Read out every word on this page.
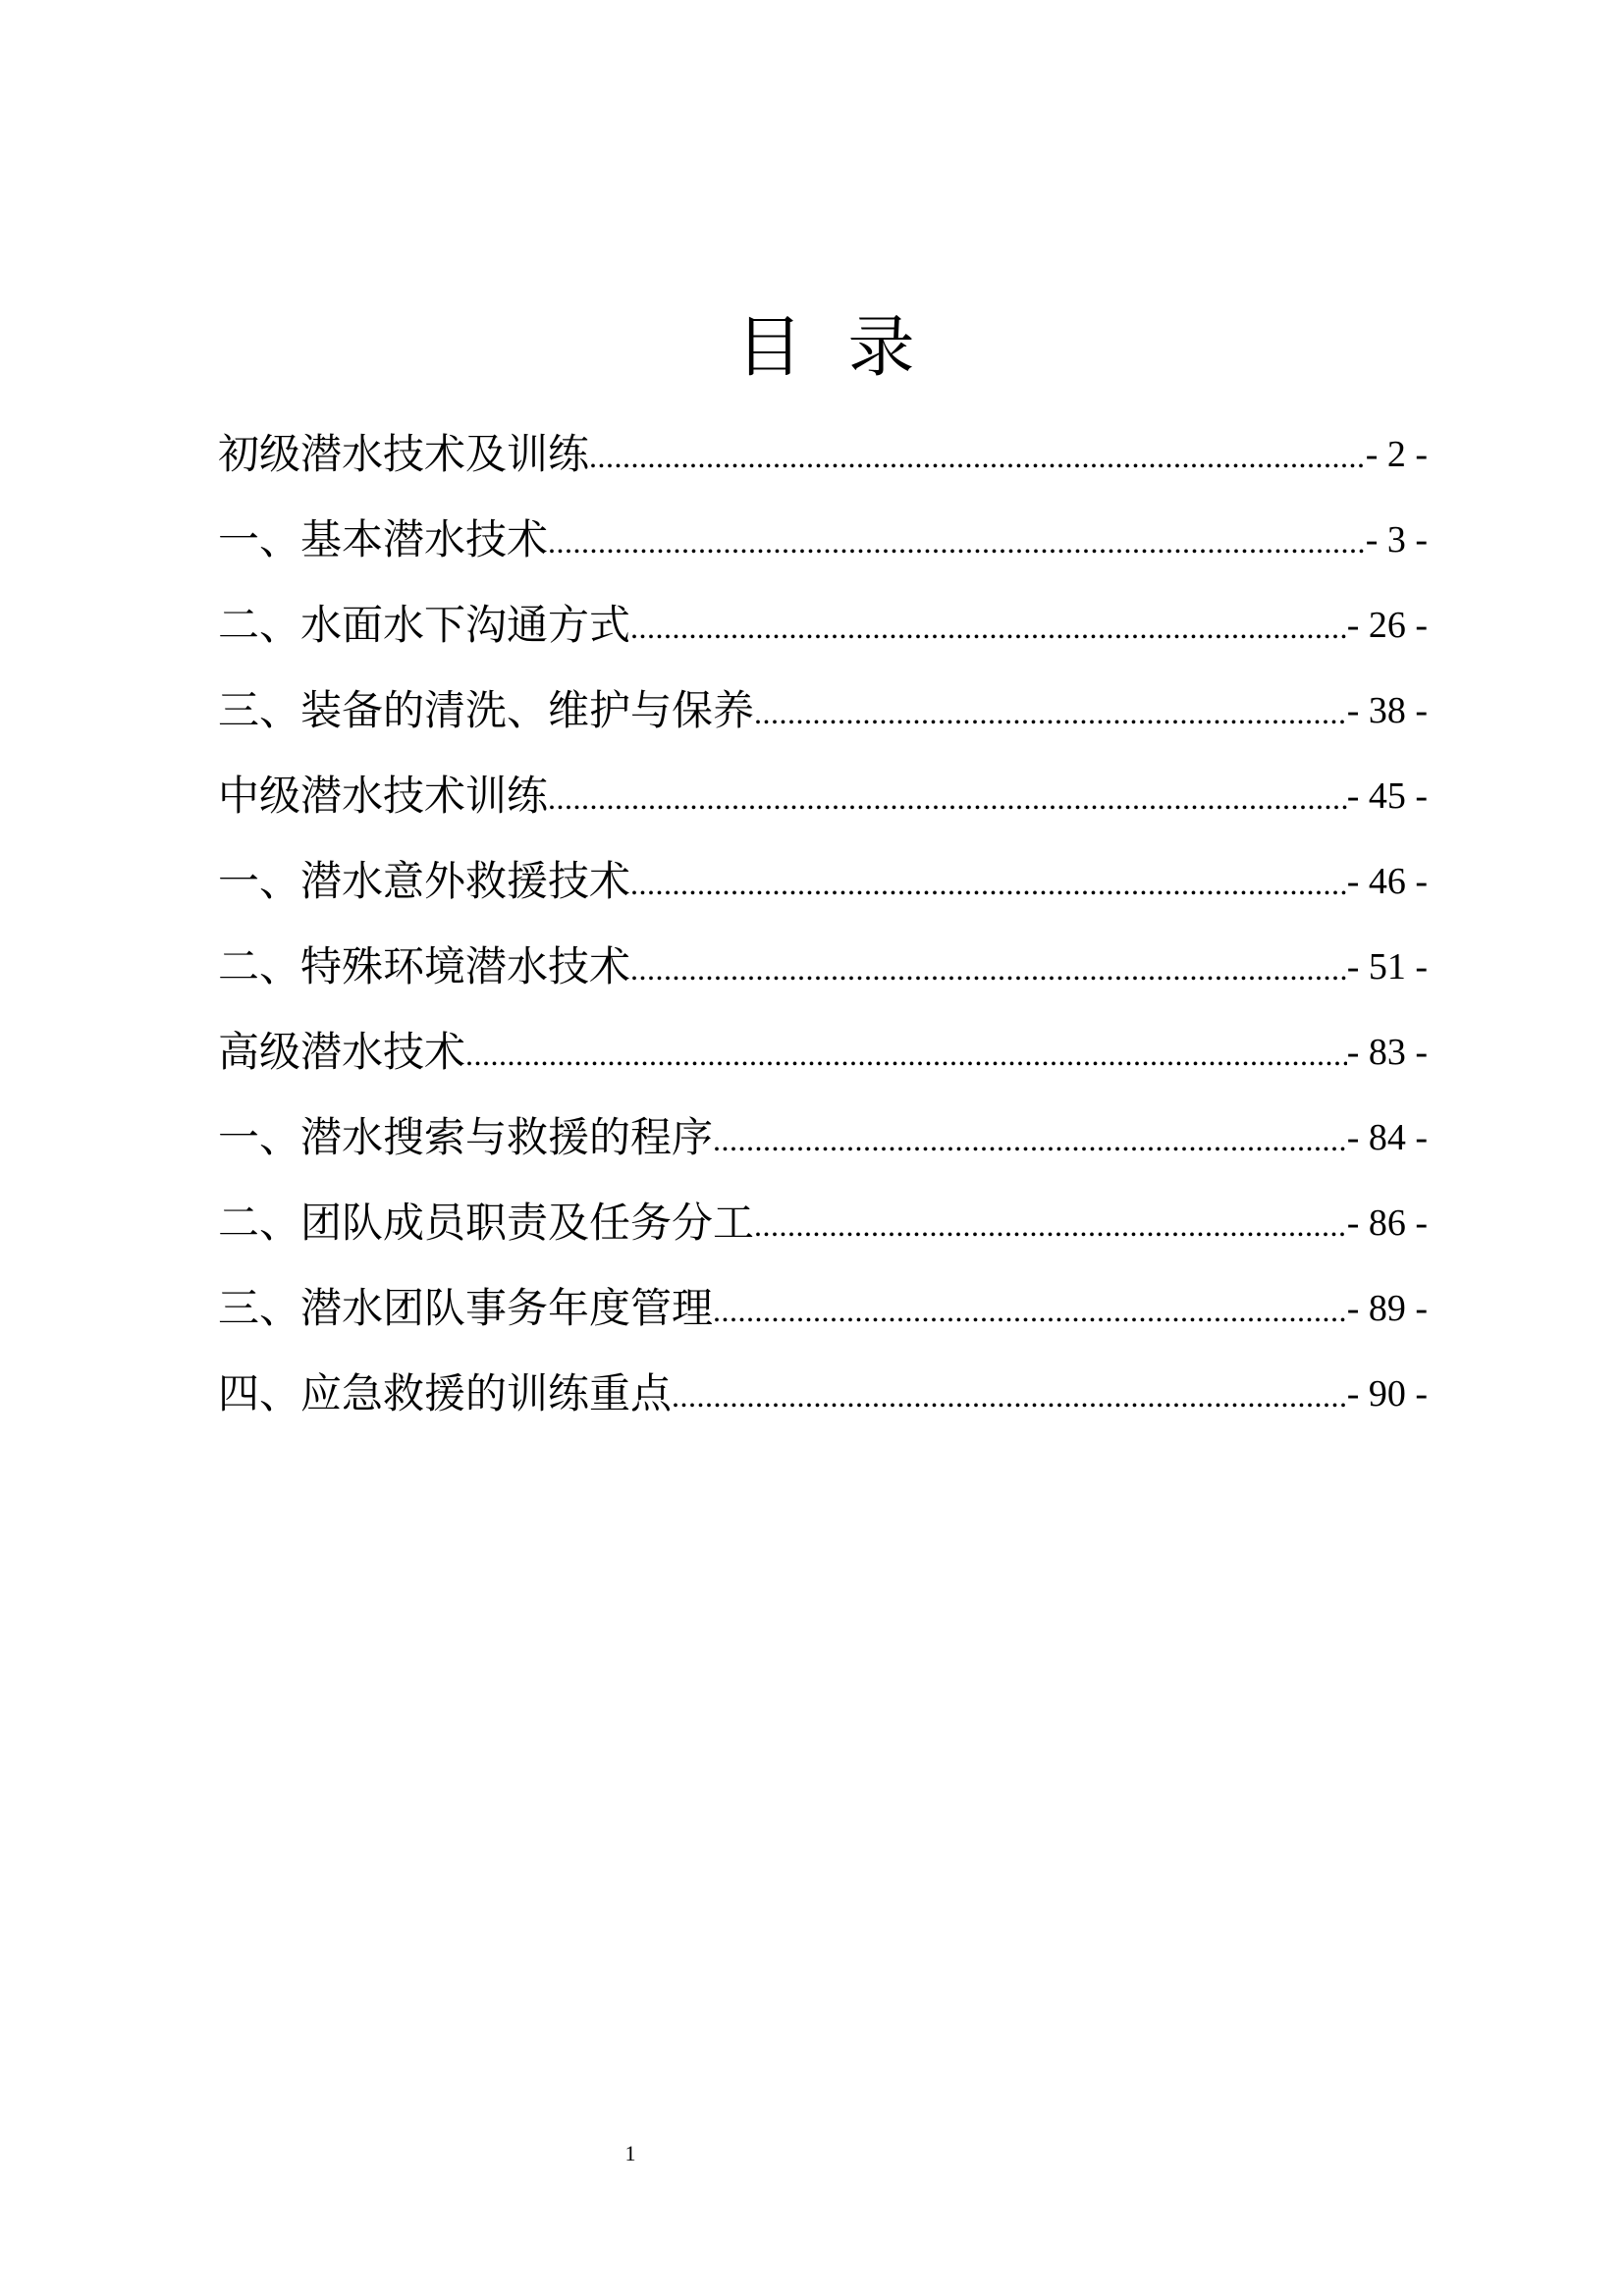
目 录
初级潜水技术及训练 .....	- 2 -
一、基本潜水技术 .....	- 3 -
二、水面水下沟通方式 .....	- 26 -
三、装备的清洗、维护与保养 .....	- 38 -
中级潜水技术训练 .....	- 45 -
一、潜水意外救援技术 .....	- 46 -
二、特殊环境潜水技术 .....	- 51 -
高级潜水技术 .....	- 83 -
一、潜水搜索与救援的程序 .....	- 84 -
二、团队成员职责及任务分工 .....	- 86 -
三、潜水团队事务年度管理 .....	- 89 -
四、应急救援的训练重点 .....	- 90 -
1
